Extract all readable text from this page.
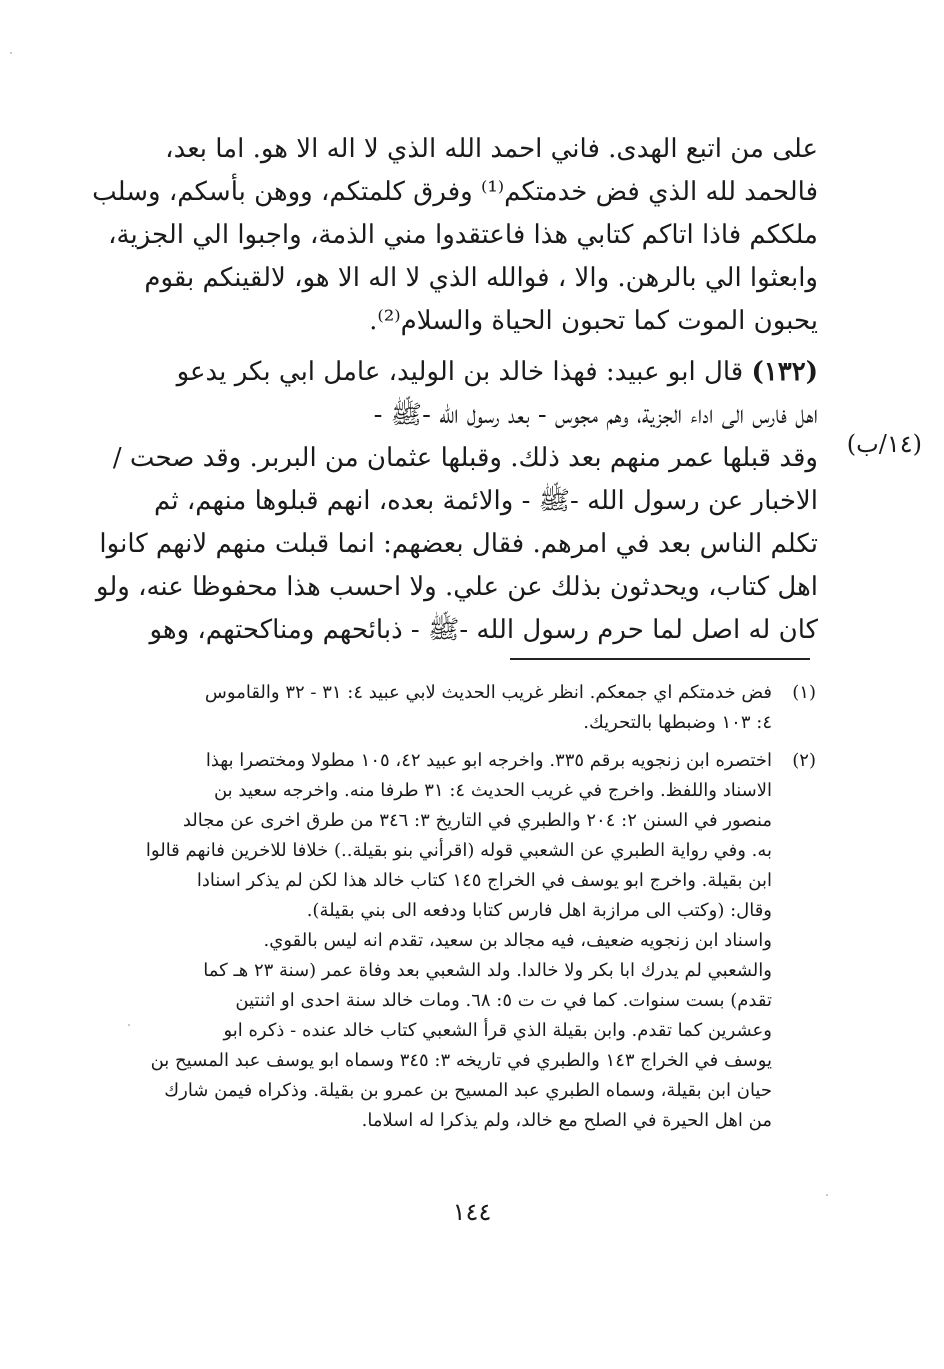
على من اتبع الهدى. فاني احمد الله الذي لا اله الا هو. اما بعد،
فالحمد لله الذي فض خدمتكم⁽¹⁾ وفرق كلمتكم، ووهن بأسكم، وسلب
ملككم فاذا اتاكم كتابي هذا فاعتقدوا مني الذمة، واجبوا الي الجزية،
وابعثوا الي بالرهن. والا ، فوالله الذي لا اله الا هو، لالقينكم بقوم
يحبون الموت كما تحبون الحياة والسلام⁽²⁾.
(١٣٢) قال ابو عبيد: فهذا خالد بن الوليد، عامل ابي بكر يدعو
اهل فارس الى اداء الجزية، وهم مجوس - بعد رسول الله -ﷺ -
وقد قبلها عمر منهم بعد ذلك. وقبلها عثمان من البربر. وقد صحت /
الاخبار عن رسول الله -ﷺ - والائمة بعده، انهم قبلوها منهم، ثم
تكلم الناس بعد في امرهم. فقال بعضهم: انما قبلت منهم لانهم كانوا
اهل كتاب، ويحدثون بذلك عن علي. ولا احسب هذا محفوظا عنه، ولو
كان له اصل لما حرم رسول الله -ﷺ - ذبائحهم ومناكحتهم، وهو
(١٤/ب)
(١)
فض خدمتكم اي جمعكم. انظر غريب الحديث لابي عبيد ٤: ٣١ - ٣٢ والقاموس
٤: ١٠٣ وضبطها بالتحريك.
(٢)
اختصره ابن زنجويه برقم ٣٣٥. واخرجه ابو عبيد ٤٢، ١٠٥ مطولا ومختصرا بهذا
الاسناد واللفظ. واخرج في غريب الحديث ٤: ٣١ طرفا منه. واخرجه سعيد بن
منصور في السنن ٢: ٢٠٤ والطبري في التاريخ ٣: ٣٤٦ من طرق اخرى عن مجالد
به. وفي رواية الطبري عن الشعبي قوله (اقرأني بنو بقيلة..) خلافا للاخرين فانهم قالوا
ابن بقيلة. واخرج ابو يوسف في الخراج ١٤٥ كتاب خالد هذا لكن لم يذكر اسنادا
وقال: (وكتب الى مرازبة اهل فارس كتابا ودفعه الى بني بقيلة).
واسناد ابن زنجويه ضعيف، فيه مجالد بن سعيد، تقدم انه ليس بالقوي.
والشعبي لم يدرك ابا بكر ولا خالدا. ولد الشعبي بعد وفاة عمر (سنة ٢٣ هـ كما
تقدم) بست سنوات. كما في ت ت ٥: ٦٨. ومات خالد سنة احدى او اثنتين
وعشرين كما تقدم. وابن بقيلة الذي قرأ الشعبي كتاب خالد عنده - ذكره ابو
يوسف في الخراج ١٤٣ والطبري في تاريخه ٣: ٣٤٥ وسماه ابو يوسف عبد المسيح بن
حيان ابن بقيلة، وسماه الطبري عبد المسيح بن عمرو بن بقيلة. وذكراه فيمن شارك
من اهل الحيرة في الصلح مع خالد، ولم يذكرا له اسلاما.
١٤٤
